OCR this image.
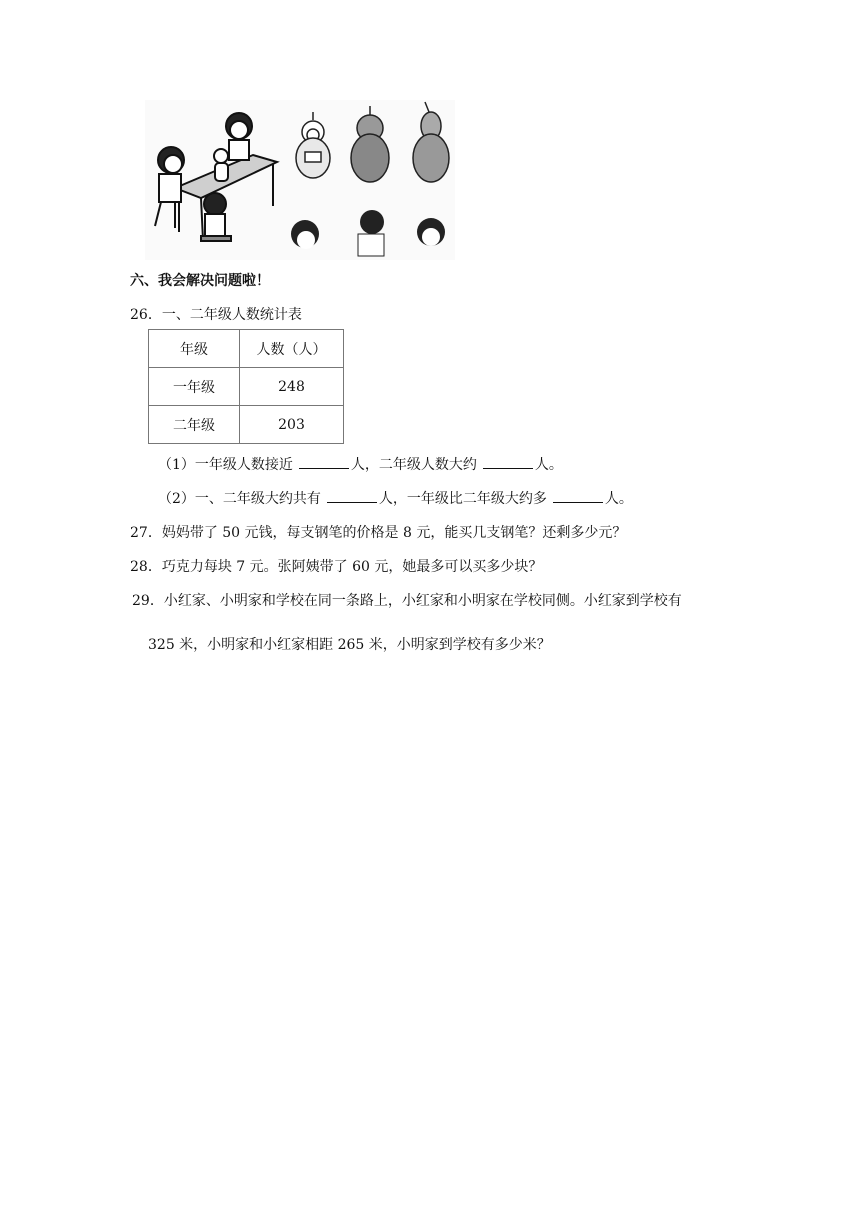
六、我会解决问题啦！
26．一、二年级人数统计表
年级	人数（人）
一年级	248
二年级	203
（1）一年级人数接近	人，二年级人数大约	人。
（2）一、二年级大约共有	人，一年级比二年级大约多	人。
27．妈妈带了 50 元钱，每支钢笔的价格是 8 元，能买几支钢笔？还剩多少元？
28．巧克力每块 7 元。张阿姨带了 60 元，她最多可以买多少块？
29．小红家、小明家和学校在同一条路上，小红家和小明家在学校同侧。小红家到学校有
325 米，小明家和小红家相距 265 米，小明家到学校有多少米？
